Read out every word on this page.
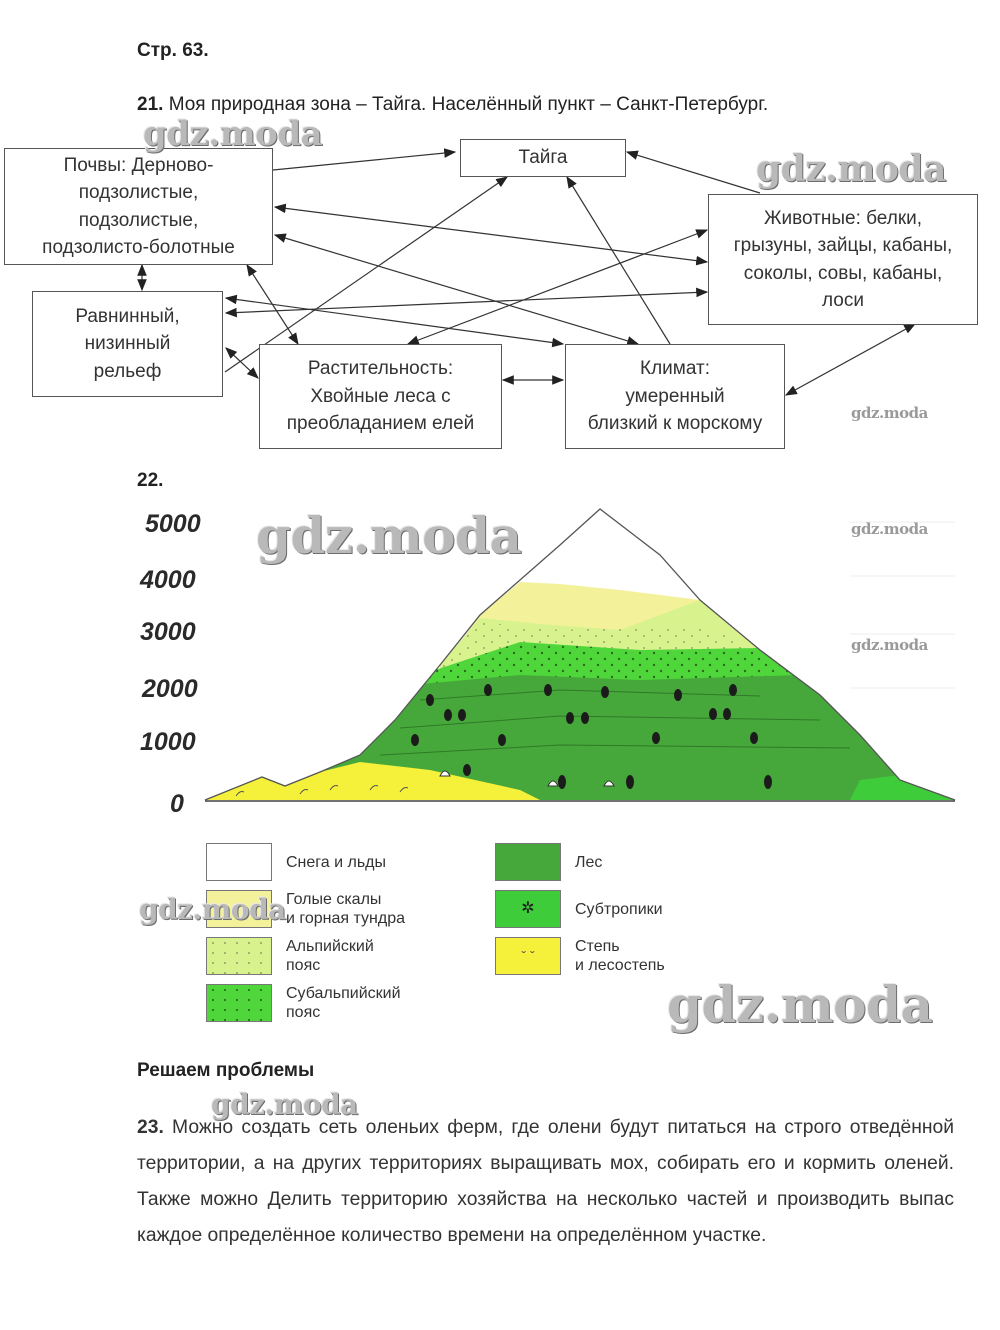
Стр. 63.
21. Моя природная зона – Тайга. Населённый пункт – Санкт-Петербург.
Тайга
Почвы: Дерново-
подзолистые,
подзолистые,
подзолисто-болотные
Животные: белки,
грызуны, зайцы, кабаны,
соколы, совы, кабаны,
лоси
Равнинный,
низинный
рельеф	Растительность:
Хвойные леса с
преобладанием елей
Климат:
умеренный
близкий к морскому
22.
5000
4000
3000
2000
1000
0
Снега и льды
Голые скалы
и горная тундра
Альпийский
пояс
Субальпийский
пояс
Лес
✲	Субтропики
ˇ ˇ
Степь
и лесостепь
Решаем проблемы
23. Можно создать сеть оленьих ферм, где олени будут питаться на строго отведённой территории, а на других территориях выращивать мох, собирать его и кормить оленей. Также можно Делить территорию хозяйства на несколько частей и производить выпас каждое определённое количество времени на определённом участке.
gdz.moda
gdz.moda
gdz.moda
gdz.moda	gdz.moda
gdz.moda
gdz.moda
gdz.moda
gdz.moda
